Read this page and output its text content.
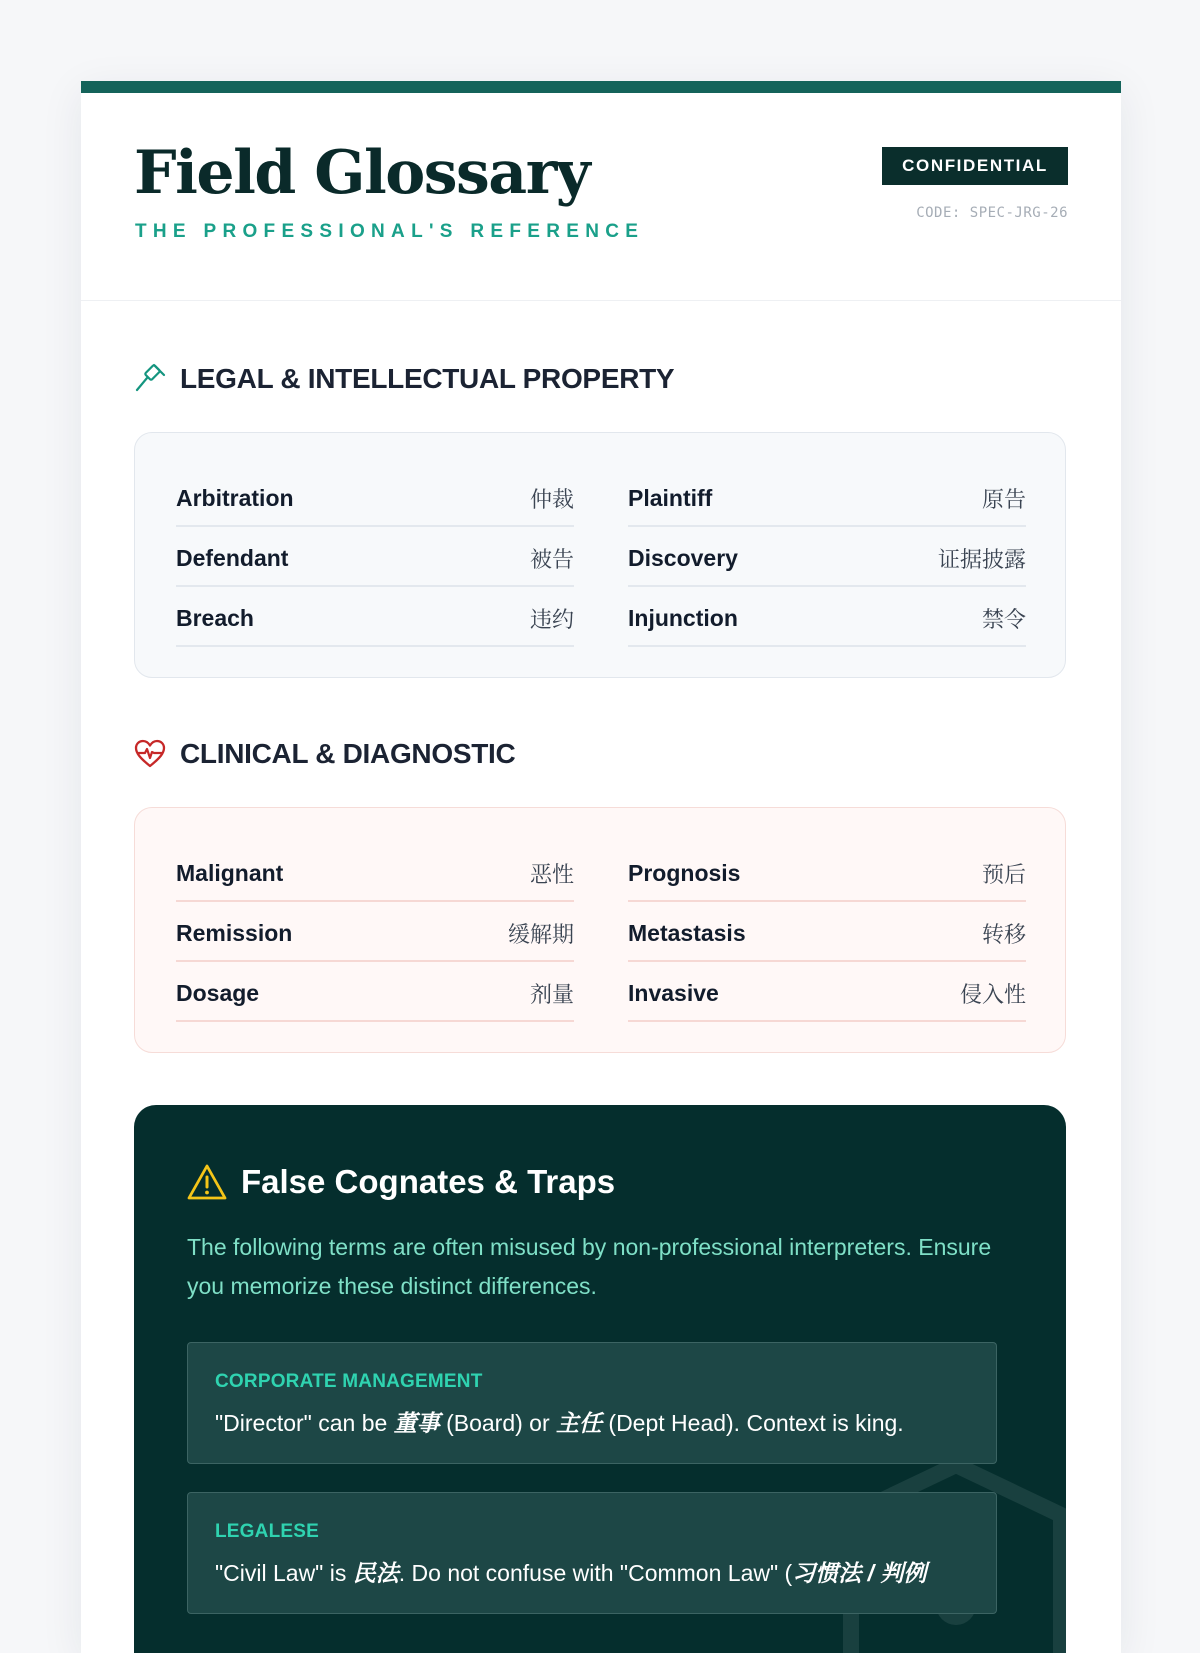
Field Glossary
THE PROFESSIONAL'S REFERENCE
CONFIDENTIAL
CODE: SPEC-JRG-26
LEGAL & INTELLECTUAL PROPERTY
Arbitration	仲裁 Plaintiff	原告
Defendant	被告 Discovery	证据披露
Breach	违约 Injunction	禁令
CLINICAL & DIAGNOSTIC
Malignant	恶性 Prognosis	预后
Remission	缓解期 Metastasis	转移
Dosage	剂量 Invasive	侵入性
False Cognates & Traps
The following terms are often misused by non-professional interpreters. Ensure you memorize these distinct differences.
CORPORATE MANAGEMENT
"Director" can be 董事 (Board) or 主任 (Dept Head). Context is king.
LEGALESE
"Civil Law" is 民法. Do not confuse with "Common Law" (习惯法 / 判例
